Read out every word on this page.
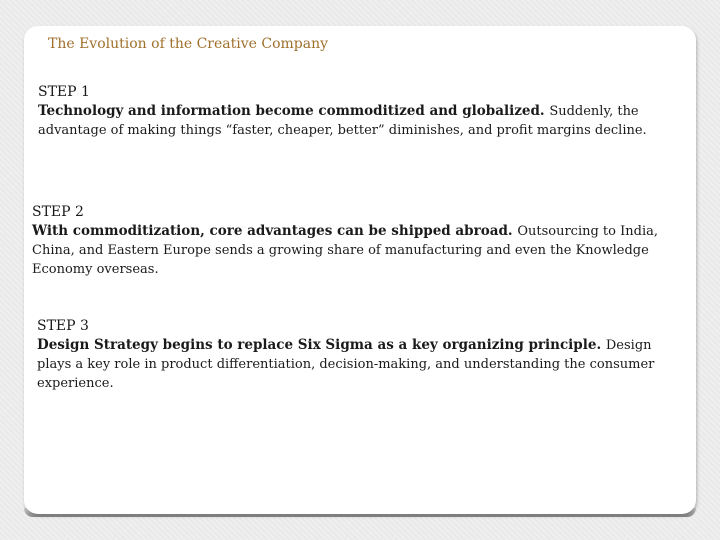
The Evolution of the Creative Company
STEP 1
Technology and information become commoditized and globalized. Suddenly, the advantage of making things “faster, cheaper, better” diminishes, and profit margins decline.
STEP 2
With commoditization, core advantages can be shipped abroad. Outsourcing to India, China, and Eastern Europe sends a growing share of manufacturing and even the Knowledge Economy overseas.
STEP 3
Design Strategy begins to replace Six Sigma as a key organizing principle. Design plays a key role in product differentiation, decision-making, and understanding the consumer experience.
